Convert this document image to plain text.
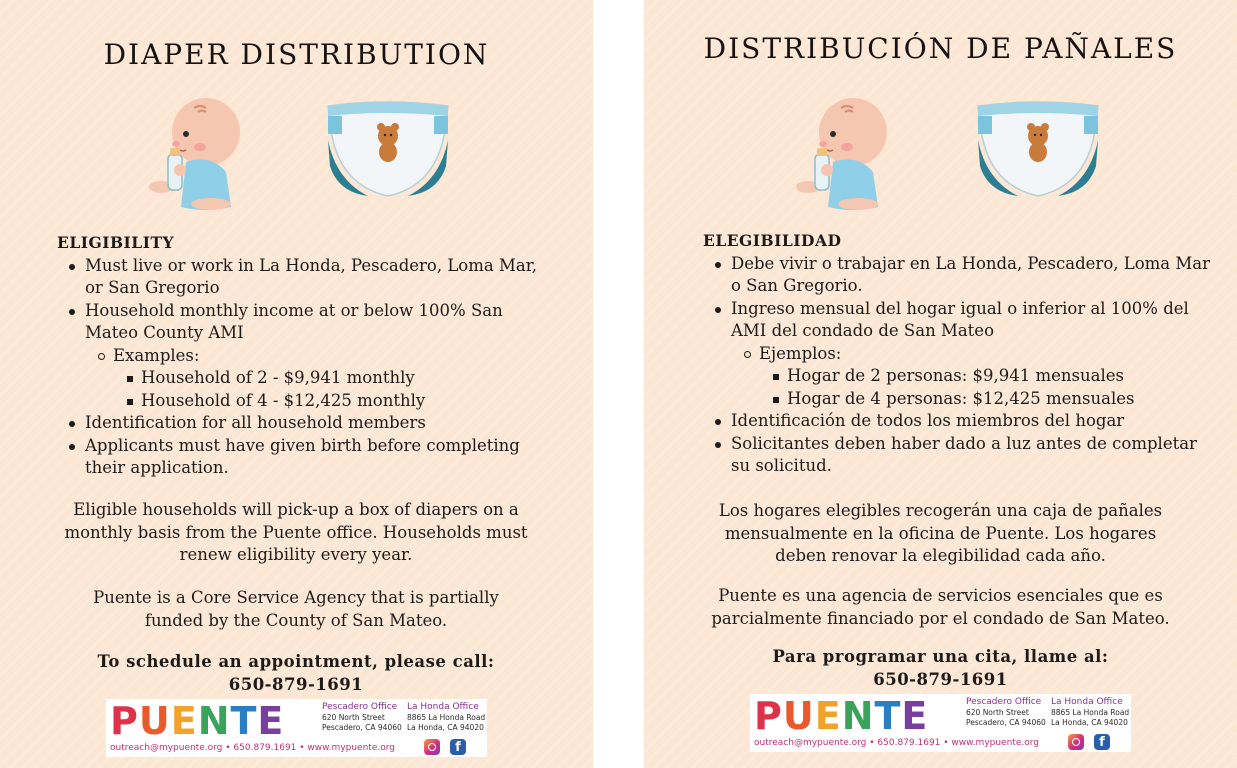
DIAPER DISTRIBUTION
ELIGIBILITY
Must live or work in La Honda, Pescadero, Loma Mar, or San Gregorio
Household monthly income at or below 100% San Mateo County AMI
Examples:
Household of 2 - $9,941 monthly
Household of 4 - $12,425 monthly
Identification for all household members
Applicants must have given birth before completing their application.
Eligible households will pick-up a box of diapers on a monthly basis from the Puente office. Households must renew eligibility every year.
Puente is a Core Service Agency that is partially funded by the County of San Mateo.
To schedule an appointment, please call:
650-879-1691
PUENTE	Pescadero Office
620 North Street
Pescadero, CA 94060
La Honda Office
8865 La Honda Road
La Honda, CA 94020
outreach@mypuente.org • 650.879.1691 • www.mypuente.org	f
DISTRIBUCIÓN DE PAÑALES
ELEGIBILIDAD
Debe vivir o trabajar en La Honda, Pescadero, Loma Mar o San Gregorio.
Ingreso mensual del hogar igual o inferior al 100% del AMI del condado de San Mateo
Ejemplos:
Hogar de 2 personas: $9,941 mensuales
Hogar de 4 personas: $12,425 mensuales
Identificación de todos los miembros del hogar
Solicitantes deben haber dado a luz antes de completar su solicitud.
Los hogares elegibles recogerán una caja de pañales mensualmente en la oficina de Puente. Los hogares deben renovar la elegibilidad cada año.
Puente es una agencia de servicios esenciales que es parcialmente financiado por el condado de San Mateo.
Para programar una cita, llame al:
650-879-1691
PUENTE	Pescadero Office
620 North Street
Pescadero, CA 94060
La Honda Office
8865 La Honda Road
La Honda, CA 94020
outreach@mypuente.org • 650.879.1691 • www.mypuente.org	f
